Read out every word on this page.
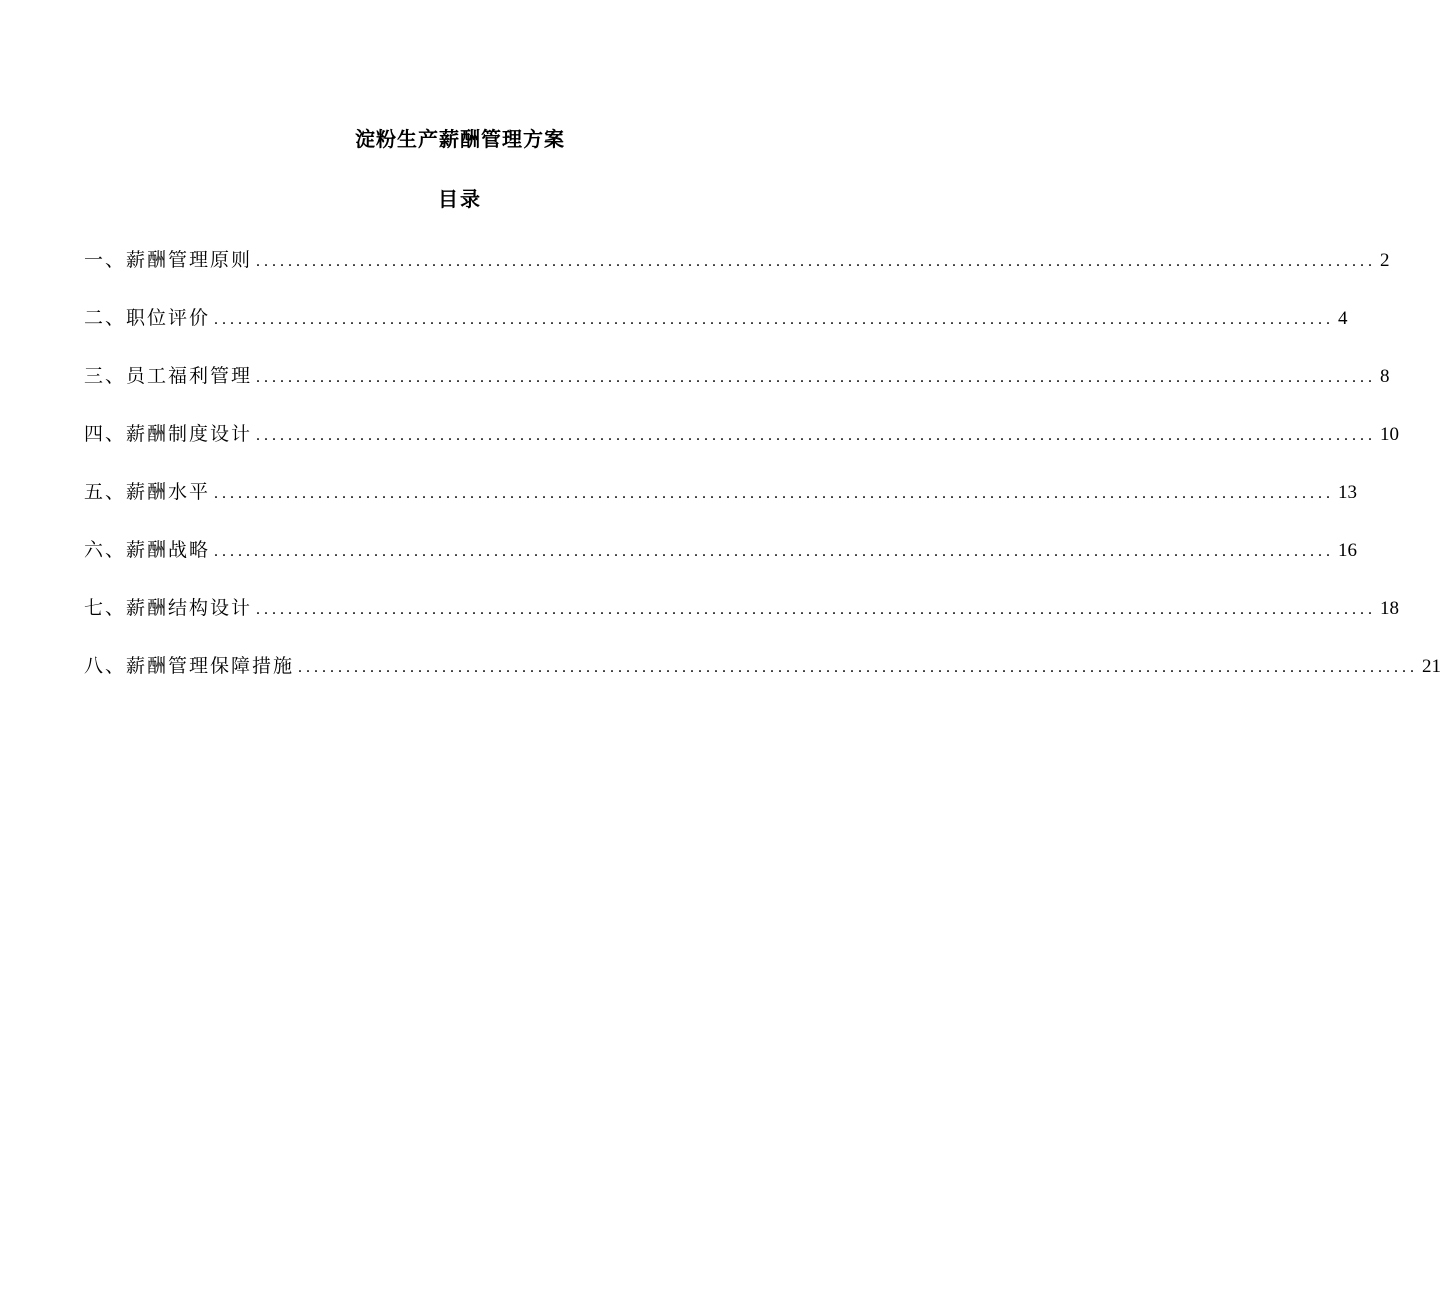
淀粉生产薪酬管理方案
目录
一、薪酬管理原则 ............................................................................................................................................ 2
二、职位评价 ............................................................................................................................................ 4
三、员工福利管理 ............................................................................................................................................ 8
四、薪酬制度设计 ............................................................................................................................................ 10
五、薪酬水平 ............................................................................................................................................ 13
六、薪酬战略 ............................................................................................................................................ 16
七、薪酬结构设计 ............................................................................................................................................ 18
八、薪酬管理保障措施 ............................................................................................................................................ 21
